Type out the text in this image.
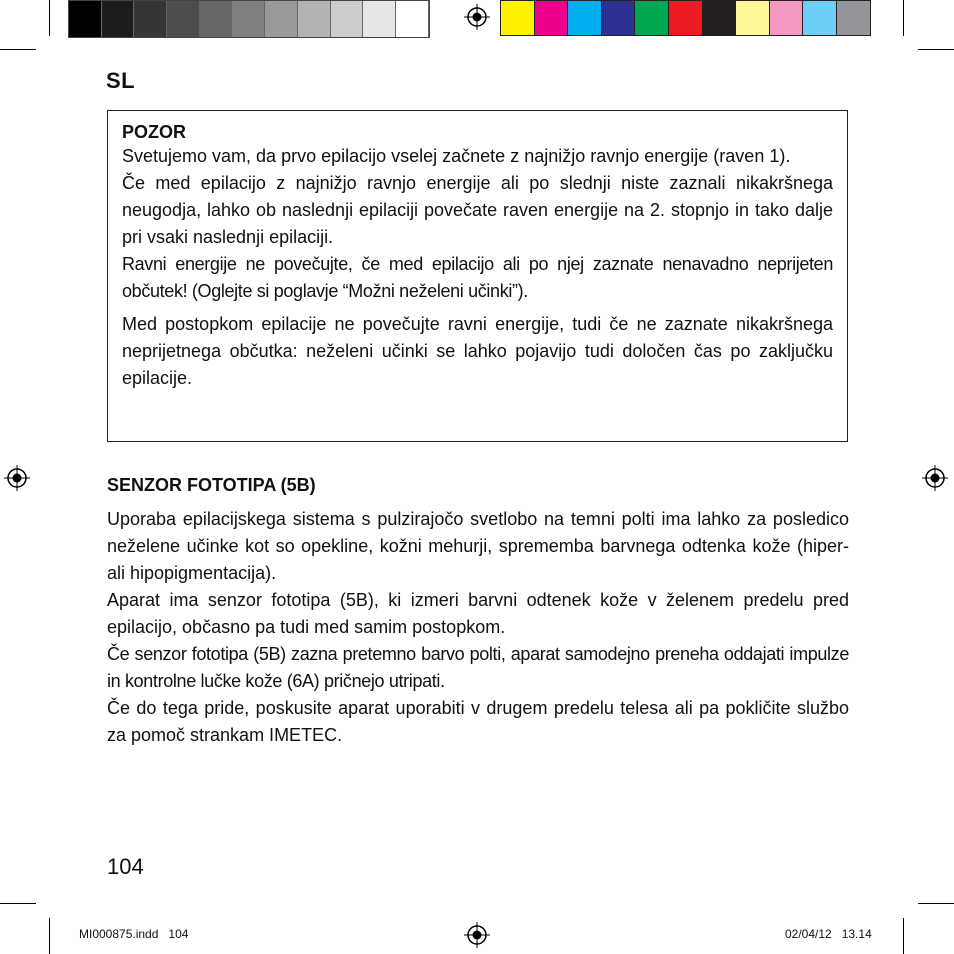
SL

POZOR

Svetujemo vam, da prvo epilacijo vselej začnete z najnižjo ravnjo energije (raven 1).

Če med epilacijo z najnižjo ravnjo energije ali po slednji niste zaznali nikakršnega neugodja, lahko ob naslednji epilaciji povečate raven energije na 2. stopnjo in tako dalje pri vsaki naslednji epilaciji.

Ravni energije ne povečujte, če med epilacijo ali po njej zaznate nenavadno neprijeten občutek! (Oglejte si poglavje “Možni neželeni učinki”).

Med postopkom epilacije ne povečujte ravni energije, tudi če ne zaznate nikakršnega neprijetnega občutka: neželeni učinki se lahko pojavijo tudi določen čas po zaključku epilacije.

SENZOR FOTOTIPA (5B)

Uporaba epilacijskega sistema s pulzirajočo svetlobo na temni polti ima lahko za posledico neželene učinke kot so opekline, kožni mehurji, sprememba barvnega odtenka kože (hiper- ali hipopigmentacija).

Aparat ima senzor fototipa (5B), ki izmeri barvni odtenek kože v želenem predelu pred epilacijo, občasno pa tudi med samim postopkom.

Če senzor fototipa (5B) zazna pretemno barvo polti, aparat samodejno preneha oddajati impulze in kontrolne lučke kože (6A) pričnejo utripati.

Če do tega pride, poskusite aparat uporabiti v drugem predelu telesa ali pa pokličite službo za pomoč strankam IMETEC.

104
MI000875.indd   104	02/04/12   13.14
